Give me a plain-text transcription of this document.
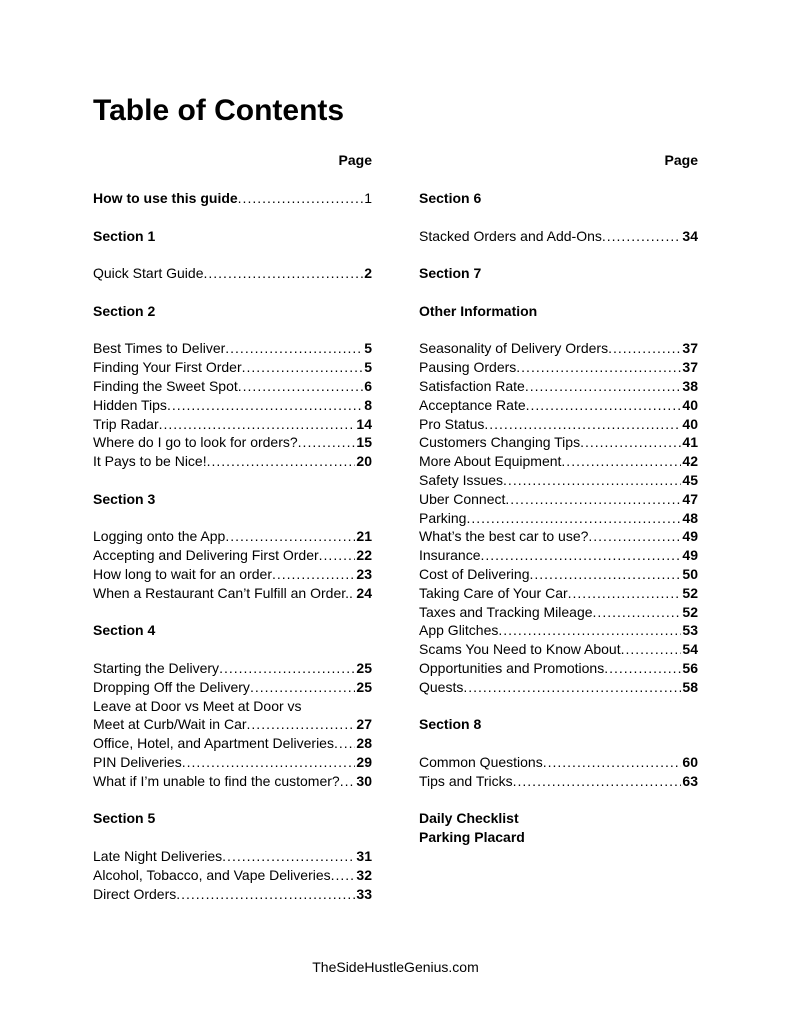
Table of Contents
Page
How to use this guide .....	1
Section 1
Quick Start Guide .....	2
Section 2
Best Times to Deliver .....	5
Finding Your First Order .....	5
Finding the Sweet Spot .....	6
Hidden Tips .....	8
Trip Radar .....	14
Where do I go to look for orders? .....	15
It Pays to be Nice! .....	20
Section 3
Logging onto the App .....	21
Accepting and Delivering First Order .....	22
How long to wait for an order .....	23
When a Restaurant Can’t Fulfill an Order. ..... 24
Section 4
Starting the Delivery .....	25
Dropping Off the Delivery .....	25
Leave at Door vs Meet at Door vs
Meet at Curb/Wait in Car .....	27
Office, Hotel, and Apartment Deliveries ..... 28
PIN Deliveries .....	29
What if I’m unable to find the customer? ..... 30
Section 5
Late Night Deliveries .....	31
Alcohol, Tobacco, and Vape Deliveries ..... 32
Direct Orders .....	33
Page
Section 6
Stacked Orders and Add-Ons .....	34
Section 7
Other Information
Seasonality of Delivery Orders .....	37
Pausing Orders .....	37
Satisfaction Rate .....	38
Acceptance Rate .....	40
Pro Status .....	40
Customers Changing Tips .....	41
More About Equipment .....	42
Safety Issues .....	45
Uber Connect .....	47
Parking .....	48
What’s the best car to use? .....	49
Insurance .....	49
Cost of Delivering .....	50
Taking Care of Your Car .....	52
Taxes and Tracking Mileage .....	52
App Glitches .....	53
Scams You Need to Know About .....	54
Opportunities and Promotions .....	56
Quests .....	58
Section 8
Common Questions .....	60
Tips and Tricks .....	63
Daily Checklist
Parking Placard
TheSideHustleGenius.com
